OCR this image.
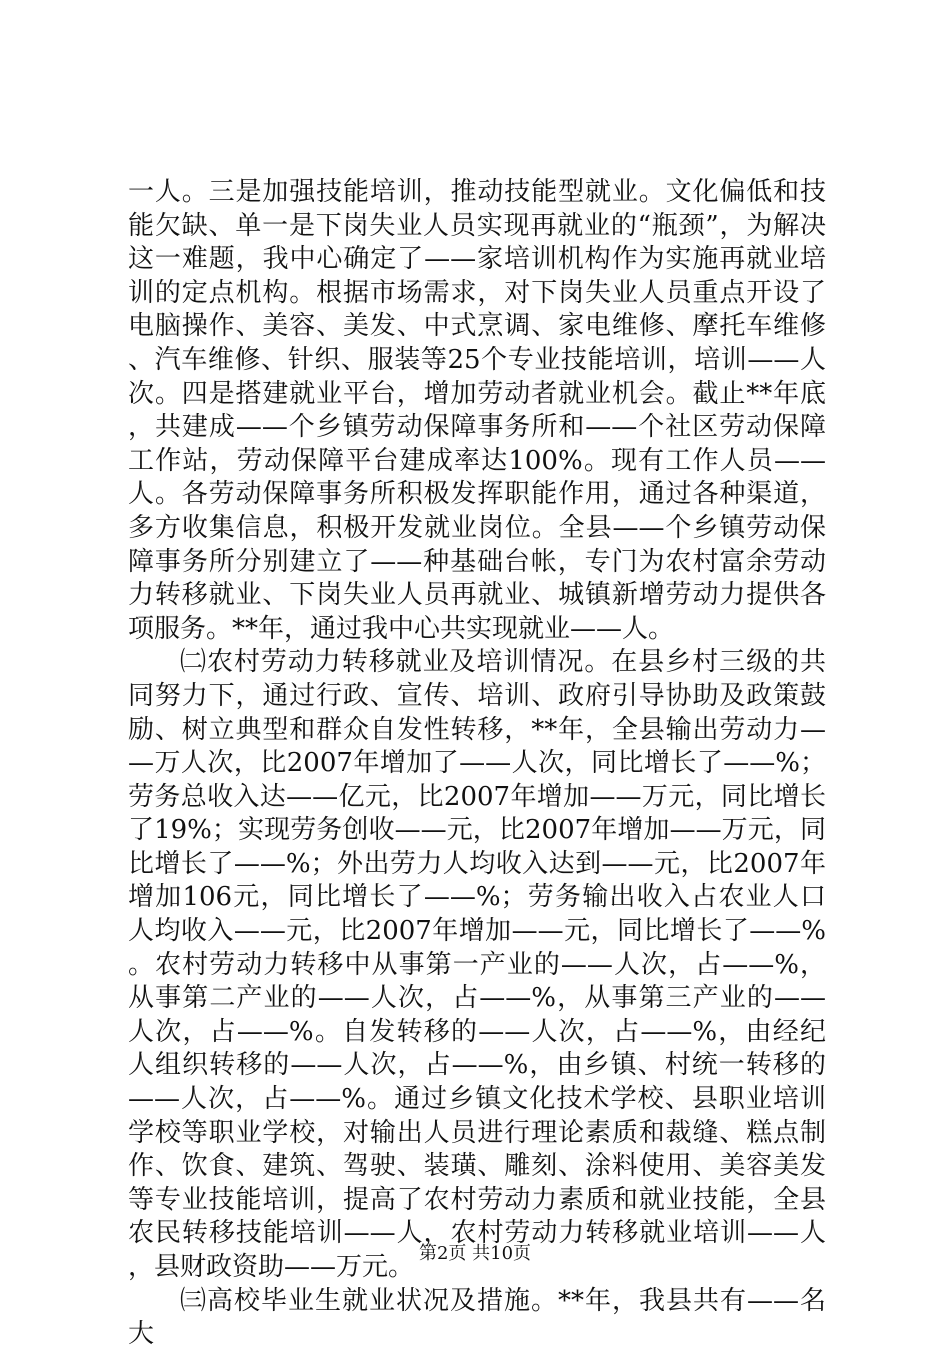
一人。三是加强技能培训，推动技能型就业。文化偏低和技能欠缺、单一是下岗失业人员实现再就业的“瓶颈”，为解决这一难题，我中心确定了——家培训机构作为实施再就业培训的定点机构。根据市场需求，对下岗失业人员重点开设了电脑操作、美容、美发、中式烹调、家电维修、摩托车维修、汽车维修、针织、服装等25个专业技能培训，培训——人次。四是搭建就业平台，增加劳动者就业机会。截止**年底，共建成——个乡镇劳动保障事务所和——个社区劳动保障工作站，劳动保障平台建成率达100%。现有工作人员——人。各劳动保障事务所积极发挥职能作用，通过各种渠道，多方收集信息，积极开发就业岗位。全县——个乡镇劳动保障事务所分别建立了——种基础台帐，专门为农村富余劳动力转移就业、下岗失业人员再就业、城镇新增劳动力提供各项服务。**年，通过我中心共实现就业——人。

㈡农村劳动力转移就业及培训情况。在县乡村三级的共同努力下，通过行政、宣传、培训、政府引导协助及政策鼓励、树立典型和群众自发性转移，**年，全县输出劳动力——万人次，比2007年增加了——人次，同比增长了——%；劳务总收入达——亿元，比2007年增加——万元，同比增长了19%；实现劳务创收——元，比2007年增加——万元，同比增长了——%；外出劳力人均收入达到——元，比2007年增加106元，同比增长了——%；劳务输出收入占农业人口人均收入——元，比2007年增加——元，同比增长了——%。农村劳动力转移中从事第一产业的——人次，占——%，从事第二产业的——人次，占——%，从事第三产业的——人次，占——%。自发转移的——人次，占——%，由经纪人组织转移的——人次，占——%，由乡镇、村统一转移的——人次，占——%。通过乡镇文化技术学校、县职业培训学校等职业学校，对输出人员进行理论素质和裁缝、糕点制作、饮食、建筑、驾驶、装璜、雕刻、涂料使用、美容美发等专业技能培训，提高了农村劳动力素质和就业技能，全县农民转移技能培训——人，农村劳动力转移就业培训——人，县财政资助——万元。

㈢高校毕业生就业状况及措施。**年，我县共有——名大

第2页 共10页
